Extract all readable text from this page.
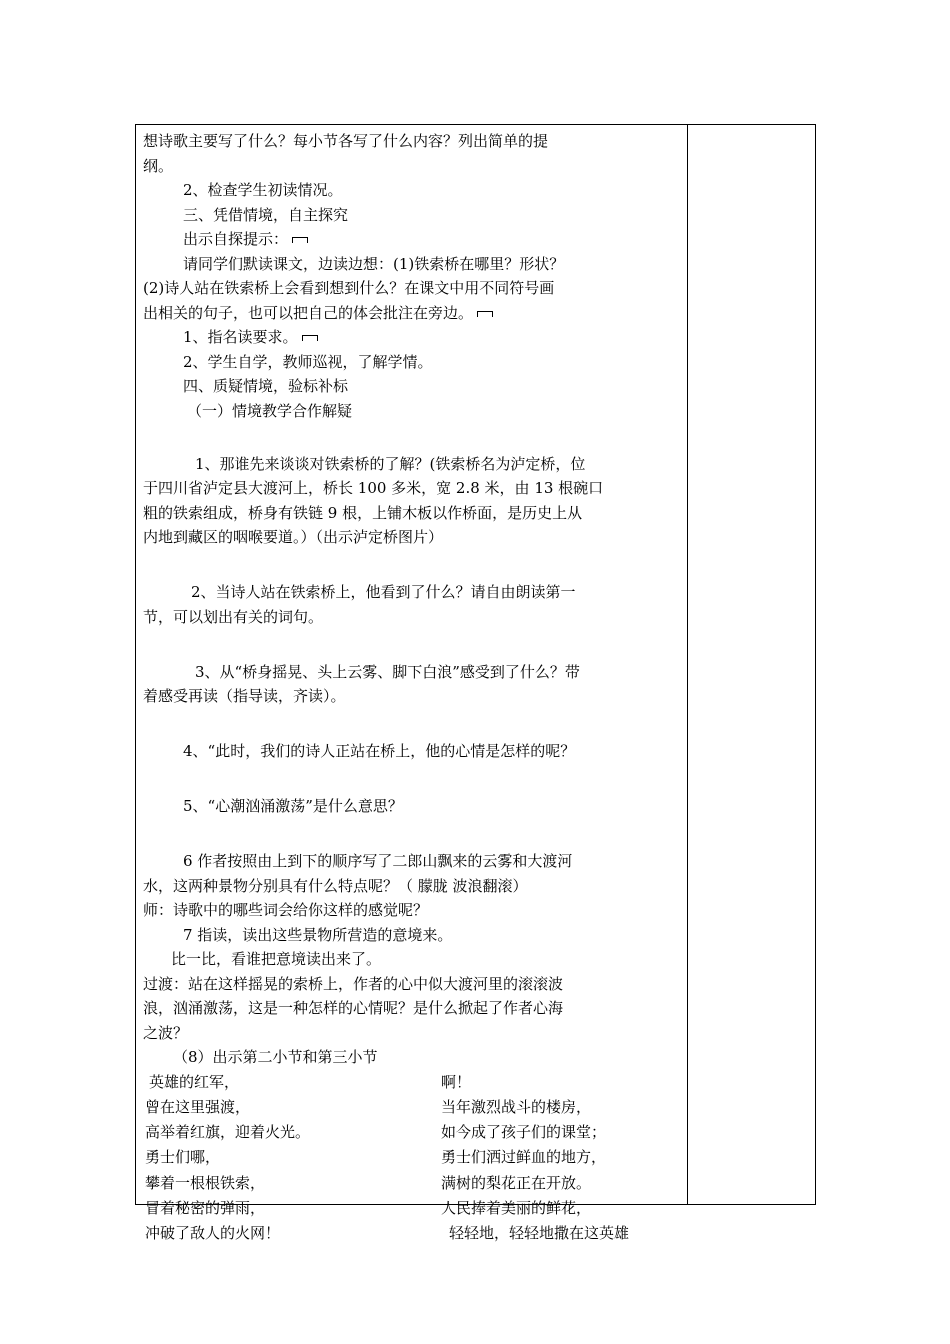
想诗歌主要写了什么？每小节各写了什么内容？列出简单的提

纲。

2、检查学生初读情况。

三、凭借情境，自主探究

出示自探提示：

请同学们默读课文，边读边想：(1)铁索桥在哪里？形状？

(2)诗人站在铁索桥上会看到想到什么？在课文中用不同符号画

出相关的句子，也可以把自己的体会批注在旁边。

1、指名读要求。

2、学生自学，教师巡视，了解学情。

四、质疑情境，验标补标

（一）情境教学合作解疑

1、那谁先来谈谈对铁索桥的了解？(铁索桥名为泸定桥，位

于四川省泸定县大渡河上，桥长 100 多米，宽 2.8 米，由 13 根碗口

粗的铁索组成，桥身有铁链 9 根，上铺木板以作桥面，是历史上从

内地到藏区的咽喉要道。）（出示泸定桥图片）

2、当诗人站在铁索桥上，他看到了什么？请自由朗读第一

节，可以划出有关的词句。

3、从“桥身摇晃、头上云雾、脚下白浪”感受到了什么？带

着感受再读（指导读，齐读）。

4、“此时，我们的诗人正站在桥上，他的心情是怎样的呢？

5、“心潮汹涌激荡”是什么意思？

6 作者按照由上到下的顺序写了二郎山飘来的云雾和大渡河

水，这两种景物分别具有什么特点呢？（ 朦胧 波浪翻滚）

师：诗歌中的哪些词会给你这样的感觉呢？

7 指读，读出这些景物所营造的意境来。

比一比，看谁把意境读出来了。

过渡：站在这样摇晃的索桥上，作者的心中似大渡河里的滚滚波

浪，汹涌激荡，这是一种怎样的心情呢？是什么掀起了作者心海

之波？

（8）出示第二小节和第三小节

英雄的红军，

曾在这里强渡，

高举着红旗，迎着火光。

勇士们哪，

攀着一根根铁索，

冒着秘密的弹雨，

冲破了敌人的火网！

啊！

当年激烈战斗的楼房，

如今成了孩子们的课堂；

勇士们洒过鲜血的地方，

满树的梨花正在开放。

人民捧着美丽的鲜花，

轻轻地，轻轻地撒在这英雄
